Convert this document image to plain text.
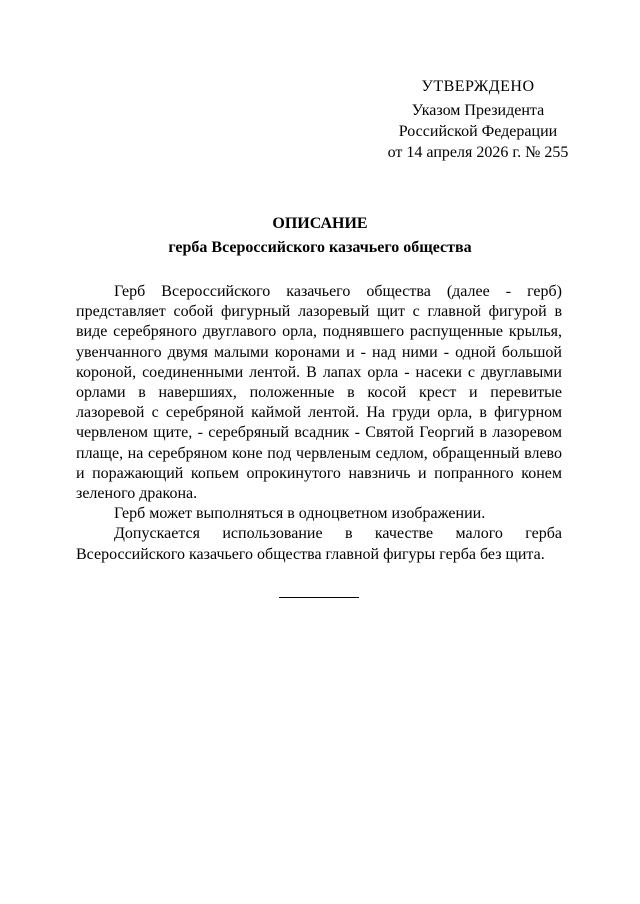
УТВЕРЖДЕНО
Указом Президента
Российской Федерации
от 14 апреля 2026 г. № 255
ОПИСАНИЕ
герба Всероссийского казачьего общества

Герб Всероссийского казачьего общества (далее - герб) представляет собой фигурный лазоревый щит с главной фигурой в виде серебряного двуглавого орла, поднявшего распущенные крылья, увенчанного двумя малыми коронами и - над ними - одной большой короной, соединенными лентой. В лапах орла - насеки с двуглавыми орлами в навершиях, положенные в косой крест и перевитые лазоревой с серебряной каймой лентой. На груди орла, в фигурном червленом щите, - серебряный всадник - Святой Георгий в лазоревом плаще, на серебряном коне под червленым седлом, обращенный влево и поражающий копьем опрокинутого навзничь и попранного конем зеленого дракона.

Герб может выполняться в одноцветном изображении.

Допускается использование в качестве малого герба Всероссийского казачьего общества главной фигуры герба без щита.
